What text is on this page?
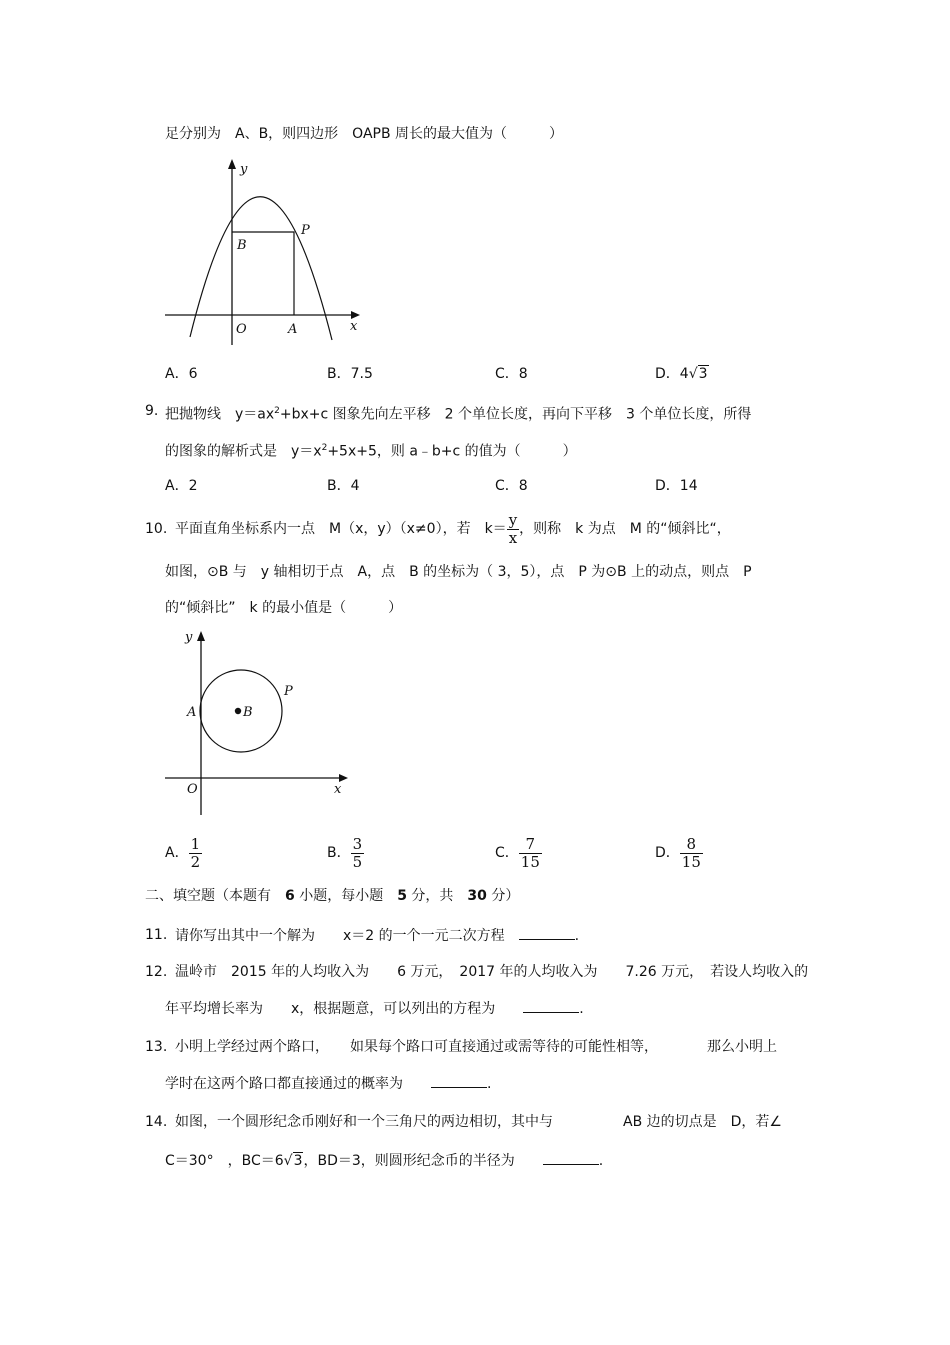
足分别为　A、B，则四边形　OAPB 周长的最大值为（　　　）
y
x
O	A
B
P
A．6	B．7.5	C．8	D．4√3
9. 把抛物线　$y=ax^2+bx+c$ 图象先向左平移　2 个单位长度，再向下平移　3 个单位长度，所得
的图象的解析式是　$y=x^2+5x+5$，则 a﹣b+c 的值为（　　　）
A．2	B．4	C．8	D．14
10. 平面直角坐标系内一点　M（x，y）（x≠0），若　$k= \frac{y}{x}$ ，则称　k 为点　M 的“倾斜比“，
如图，⊙B 与　y 轴相切于点　A，点　B 的坐标为（ 3，5），点　P 为⊙B 上的动点，则点　P
的“倾斜比”　k 的最小值是（　　　）
y
x
O
A	B
P
A． $\frac{1}{2}$	B． $\frac{3}{5}$	C． $\frac{7}{15}$	D． $\frac{8}{15}$
二、填空题（本题有　6 小题，每小题　5 分，共　30 分）
11. 请你写出其中一个解为　　x＝2 的一个一元二次方程　	.
12. 温岭市　2015 年的人均收入为　　6 万元，　2017 年的人均收入为　　7.26 万元，　若设人均收入的
年平均增长率为　　x，根据题意，可以列出的方程为　　	.
13. 小明上学经过两个路口，　　如果每个路口可直接通过或需等待的可能性相等，　　　　那么小明上
学时在这两个路口都直接通过的概率为　　	.
14. 如图，一个圆形纪念币刚好和一个三角尺的两边相切，其中与　　　　　AB 边的切点是　D，若∠
C＝30°　，BC＝6√3，BD＝3，则圆形纪念币的半径为　　	.
